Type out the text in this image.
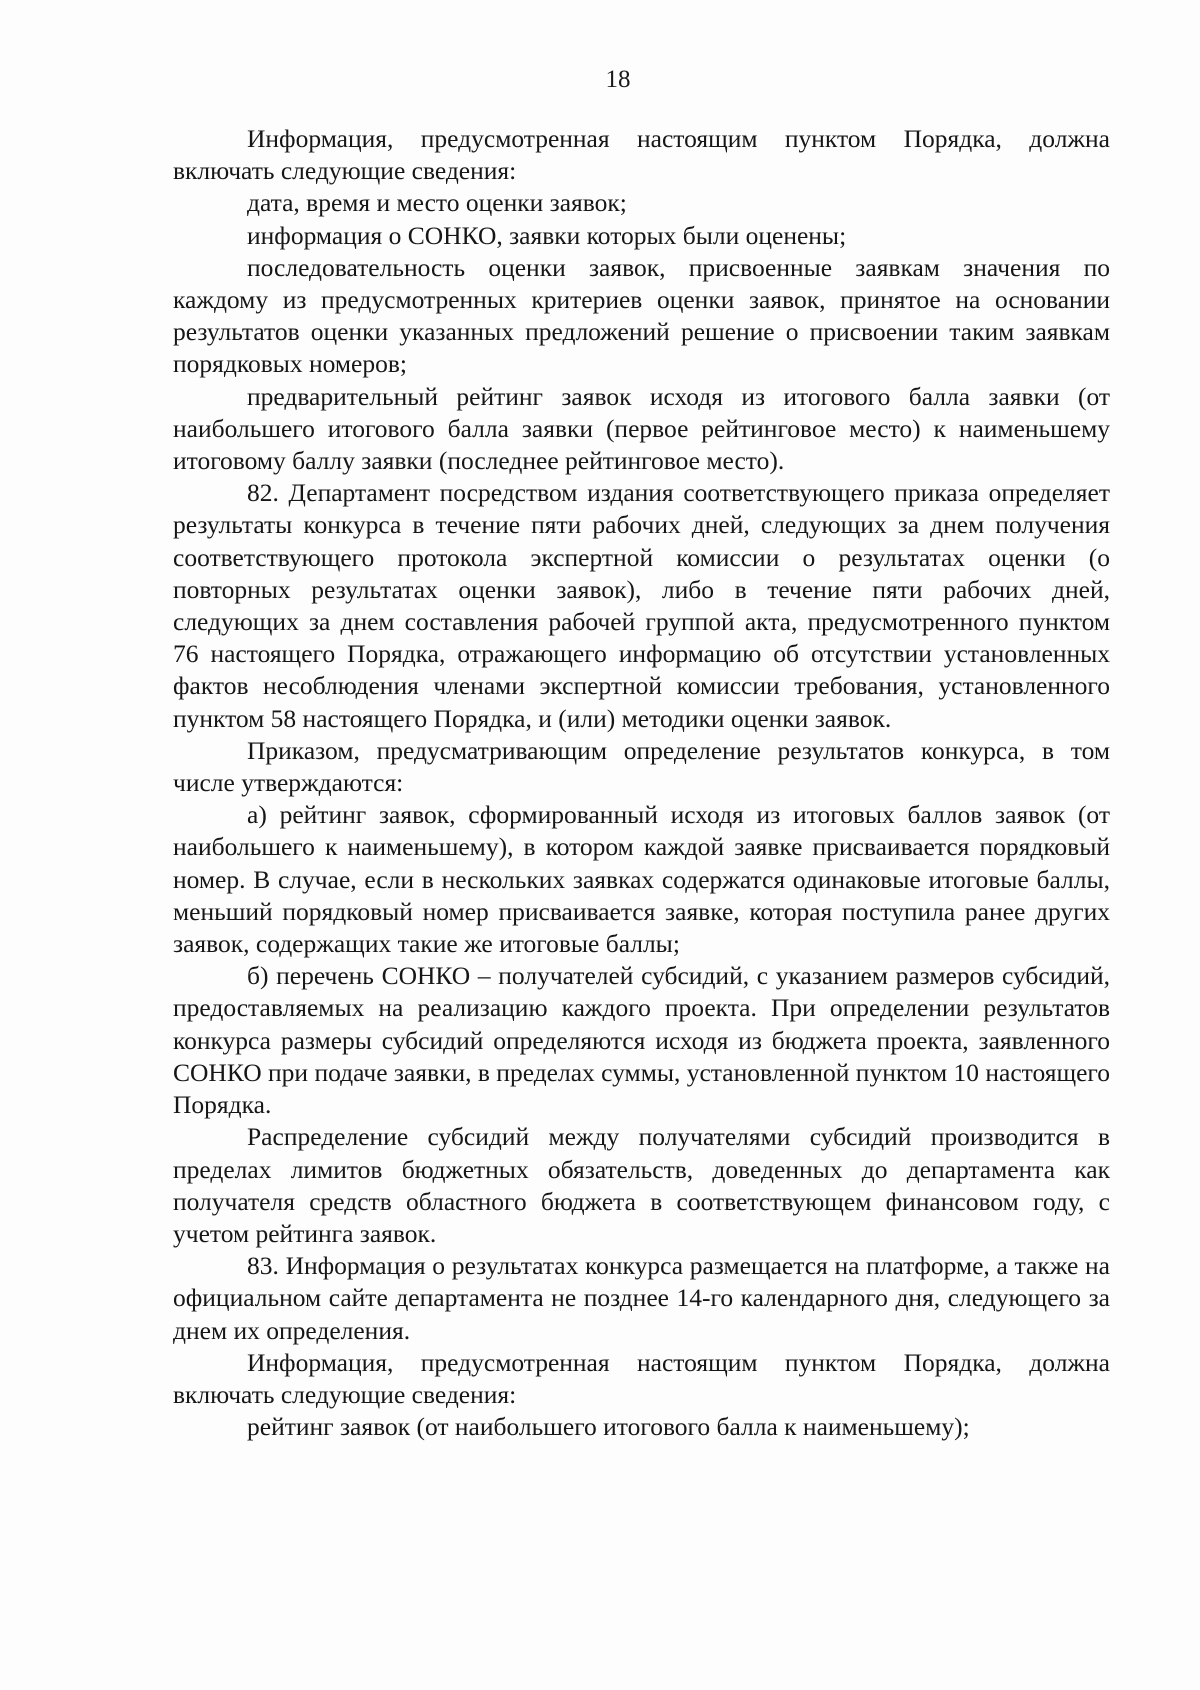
18

Информация, предусмотренная настоящим пунктом Порядка, должна включать следующие сведения:

дата, время и место оценки заявок;

информация о СОНКО, заявки которых были оценены;

последовательность оценки заявок, присвоенные заявкам значения по каждому из предусмотренных критериев оценки заявок, принятое на основании результатов оценки указанных предложений решение о присвоении таким заявкам порядковых номеров;

предварительный рейтинг заявок исходя из итогового балла заявки (от наибольшего итогового балла заявки (первое рейтинговое место) к наименьшему итоговому баллу заявки (последнее рейтинговое место).

82. Департамент посредством издания соответствующего приказа определяет результаты конкурса в течение пяти рабочих дней, следующих за днем получения соответствующего протокола экспертной комиссии о результатах оценки (о повторных результатах оценки заявок), либо в течение пяти рабочих дней, следующих за днем составления рабочей группой акта, предусмотренного пунктом 76 настоящего Порядка, отражающего информацию об отсутствии установленных фактов несоблюдения членами экспертной комиссии требования, установленного пунктом 58 настоящего Порядка, и (или) методики оценки заявок.

Приказом, предусматривающим определение результатов конкурса, в том числе утверждаются:

а) рейтинг заявок, сформированный исходя из итоговых баллов заявок (от наибольшего к наименьшему), в котором каждой заявке присваивается порядковый номер. В случае, если в нескольких заявках содержатся одинаковые итоговые баллы, меньший порядковый номер присваивается заявке, которая поступила ранее других заявок, содержащих такие же итоговые баллы;

б) перечень СОНКО – получателей субсидий, с указанием размеров субсидий, предоставляемых на реализацию каждого проекта. При определении результатов конкурса размеры субсидий определяются исходя из бюджета проекта, заявленного СОНКО при подаче заявки, в пределах суммы, установленной пунктом 10 настоящего Порядка.

Распределение субсидий между получателями субсидий производится в пределах лимитов бюджетных обязательств, доведенных до департамента как получателя средств областного бюджета в соответствующем финансовом году, с учетом рейтинга заявок.

83. Информация о результатах конкурса размещается на платформе, а также на официальном сайте департамента не позднее 14-го календарного дня, следующего за днем их определения.

Информация, предусмотренная настоящим пунктом Порядка, должна включать следующие сведения:

рейтинг заявок (от наибольшего итогового балла к наименьшему);
